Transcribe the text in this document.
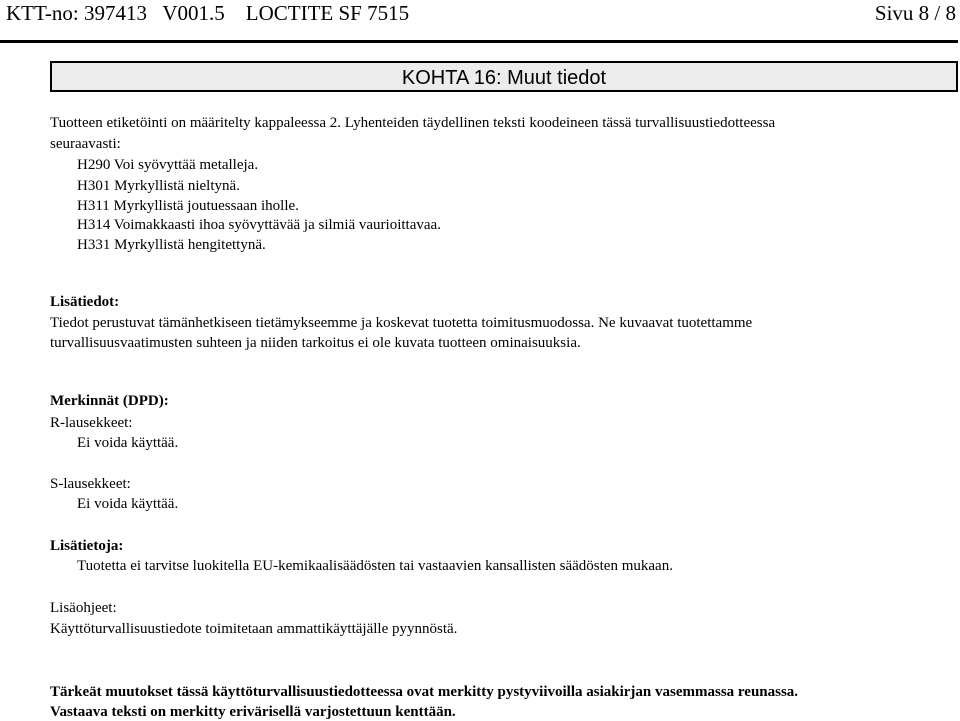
KTT-no: 397413   V001.5    LOCTITE SF 7515	Sivu 8 / 8
KOHTA 16: Muut tiedot
Tuotteen etiketöinti on määritelty kappaleessa 2. Lyhenteiden täydellinen teksti koodeineen tässä turvallisuustiedotteessa
seuraavasti:
H290 Voi syövyttää metalleja.
H301 Myrkyllistä nieltynä.
H311 Myrkyllistä joutuessaan iholle.
H314 Voimakkaasti ihoa syövyttävää ja silmiä vaurioittavaa.
H331 Myrkyllistä hengitettynä.
Lisätiedot:
Tiedot perustuvat tämänhetkiseen tietämykseemme ja koskevat tuotetta toimitusmuodossa. Ne kuvaavat tuotettamme
turvallisuusvaatimusten suhteen ja niiden tarkoitus ei ole kuvata tuotteen ominaisuuksia.
Merkinnät (DPD):
R-lausekkeet:
Ei voida käyttää.
S-lausekkeet:
Ei voida käyttää.
Lisätietoja:
Tuotetta ei tarvitse luokitella EU-kemikaalisäädösten tai vastaavien kansallisten säädösten mukaan.
Lisäohjeet:
Käyttöturvallisuustiedote toimitetaan ammattikäyttäjälle pyynnöstä.
Tärkeät muutokset tässä käyttöturvallisuustiedotteessa ovat merkitty pystyviivoilla asiakirjan vasemmassa reunassa.
Vastaava teksti on merkitty erivärisellä varjostettuun kenttään.
